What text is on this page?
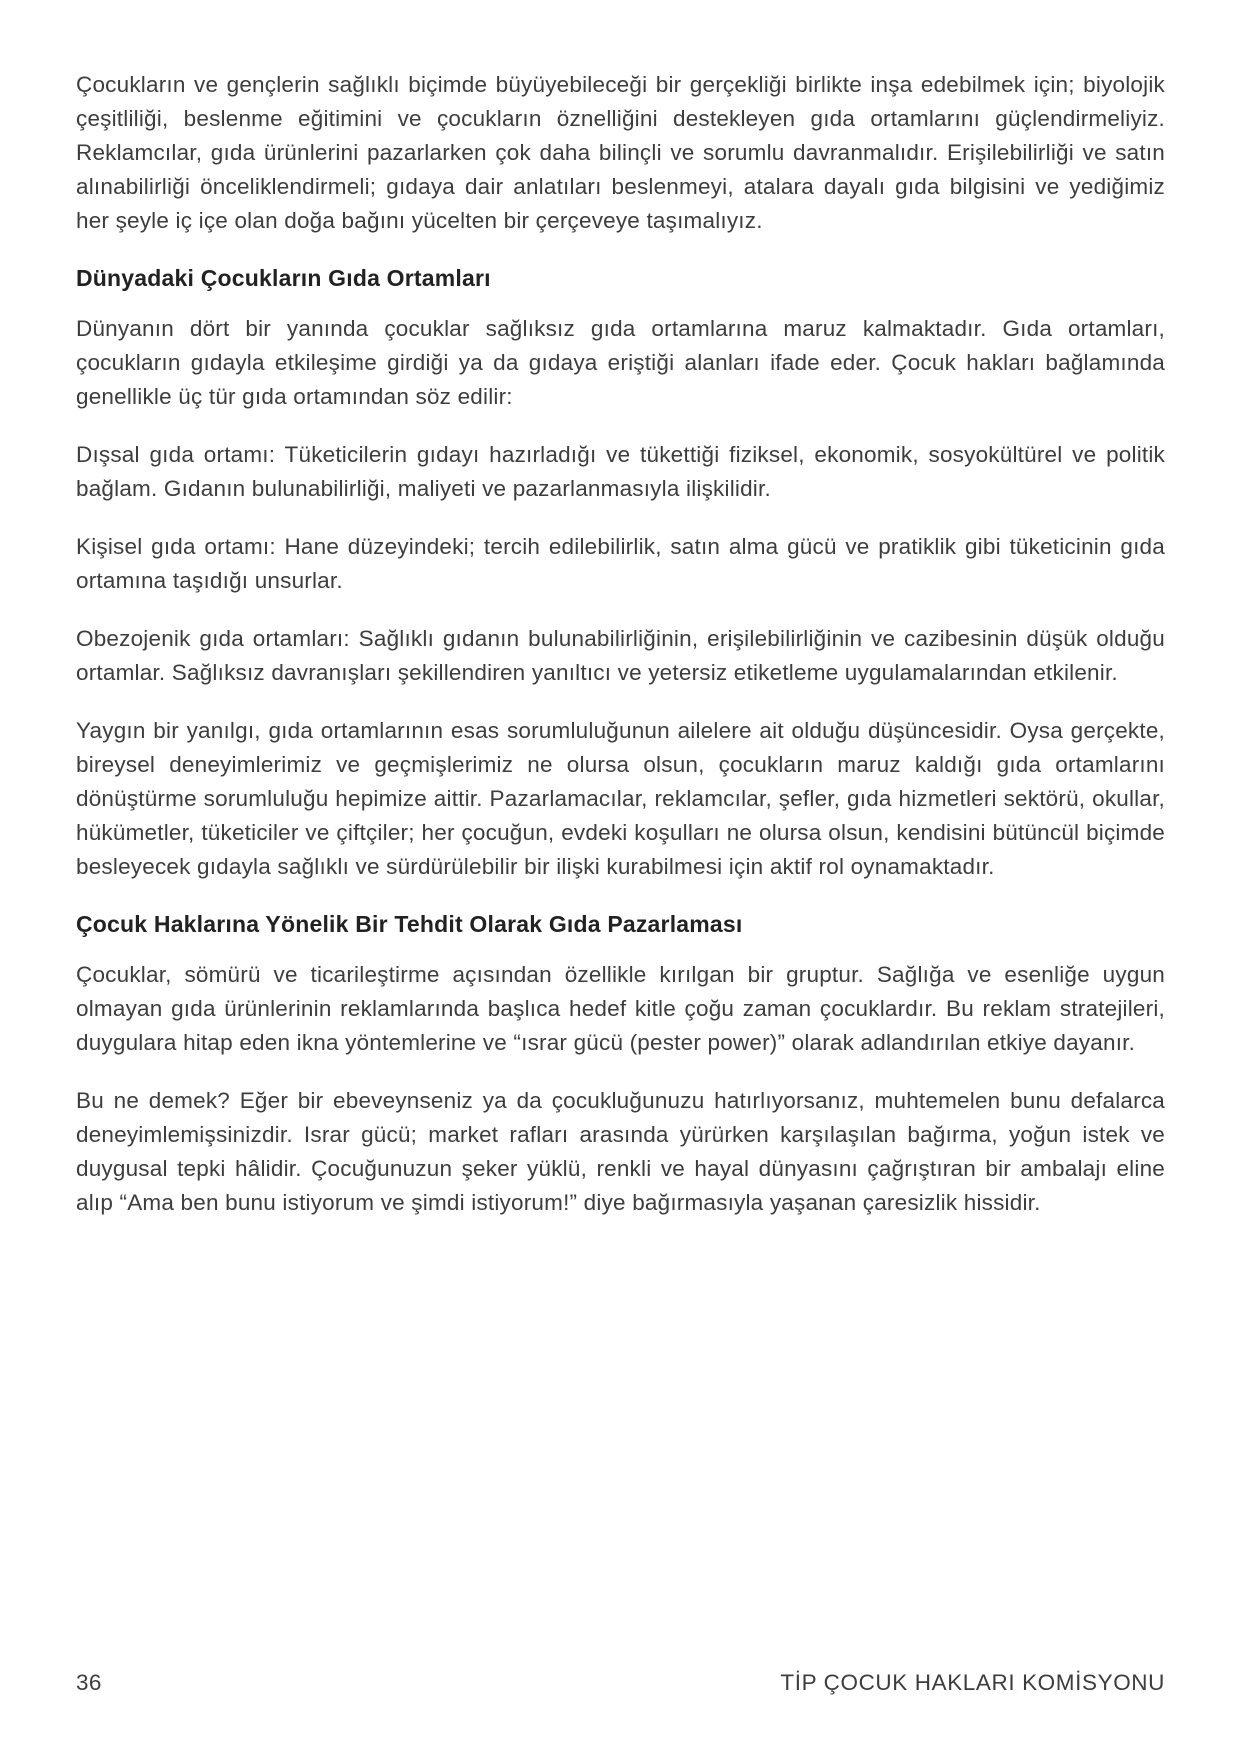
Çocukların ve gençlerin sağlıklı biçimde büyüyebileceği bir gerçekliği birlikte inşa edebilmek için; biyolojik çeşitliliği, beslenme eğitimini ve çocukların öznelliğini destekleyen gıda ortamlarını güçlendirmeliyiz. Reklamcılar, gıda ürünlerini pazarlarken çok daha bilinçli ve sorumlu davranmalıdır. Erişilebilirliği ve satın alınabilirliği önceliklendirmeli; gıdaya dair anlatıları beslenmeyi, atalara dayalı gıda bilgisini ve yediğimiz her şeyle iç içe olan doğa bağını yücelten bir çerçeveye taşımalıyız.

Dünyadaki Çocukların Gıda Ortamları

Dünyanın dört bir yanında çocuklar sağlıksız gıda ortamlarına maruz kalmaktadır. Gıda ortamları, çocukların gıdayla etkileşime girdiği ya da gıdaya eriştiği alanları ifade eder. Çocuk hakları bağlamında genellikle üç tür gıda ortamından söz edilir:

Dışsal gıda ortamı: Tüketicilerin gıdayı hazırladığı ve tükettiği fiziksel, ekonomik, sosyokültürel ve politik bağlam. Gıdanın bulunabilirliği, maliyeti ve pazarlanmasıyla ilişkilidir.

Kişisel gıda ortamı: Hane düzeyindeki; tercih edilebilirlik, satın alma gücü ve pratiklik gibi tüketicinin gıda ortamına taşıdığı unsurlar.

Obezojenik gıda ortamları: Sağlıklı gıdanın bulunabilirliğinin, erişilebilirliğinin ve cazibesinin düşük olduğu ortamlar. Sağlıksız davranışları şekillendiren yanıltıcı ve yetersiz etiketleme uygulamalarından etkilenir.

Yaygın bir yanılgı, gıda ortamlarının esas sorumluluğunun ailelere ait olduğu düşüncesidir. Oysa gerçekte, bireysel deneyimlerimiz ve geçmişlerimiz ne olursa olsun, çocukların maruz kaldığı gıda ortamlarını dönüştürme sorumluluğu hepimize aittir. Pazarlamacılar, reklamcılar, şefler, gıda hizmetleri sektörü, okullar, hükümetler, tüketiciler ve çiftçiler; her çocuğun, evdeki koşulları ne olursa olsun, kendisini bütüncül biçimde besleyecek gıdayla sağlıklı ve sürdürülebilir bir ilişki kurabilmesi için aktif rol oynamaktadır.

Çocuk Haklarına Yönelik Bir Tehdit Olarak Gıda Pazarlaması

Çocuklar, sömürü ve ticarileştirme açısından özellikle kırılgan bir gruptur. Sağlığa ve esenliğe uygun olmayan gıda ürünlerinin reklamlarında başlıca hedef kitle çoğu zaman çocuklardır. Bu reklam stratejileri, duygulara hitap eden ikna yöntemlerine ve “ısrar gücü (pester power)” olarak adlandırılan etkiye dayanır.

Bu ne demek? Eğer bir ebeveynseniz ya da çocukluğunuzu hatırlıyorsanız, muhtemelen bunu defalarca deneyimlemişsinizdir. Israr gücü; market rafları arasında yürürken karşılaşılan bağırma, yoğun istek ve duygusal tepki hâlidir. Çocuğunuzun şeker yüklü, renkli ve hayal dünyasını çağrıştıran bir ambalajı eline alıp “Ama ben bunu istiyorum ve şimdi istiyorum!” diye bağırmasıyla yaşanan çaresizlik hissidir.

36	TİP ÇOCUK HAKLARI KOMİSYONU
